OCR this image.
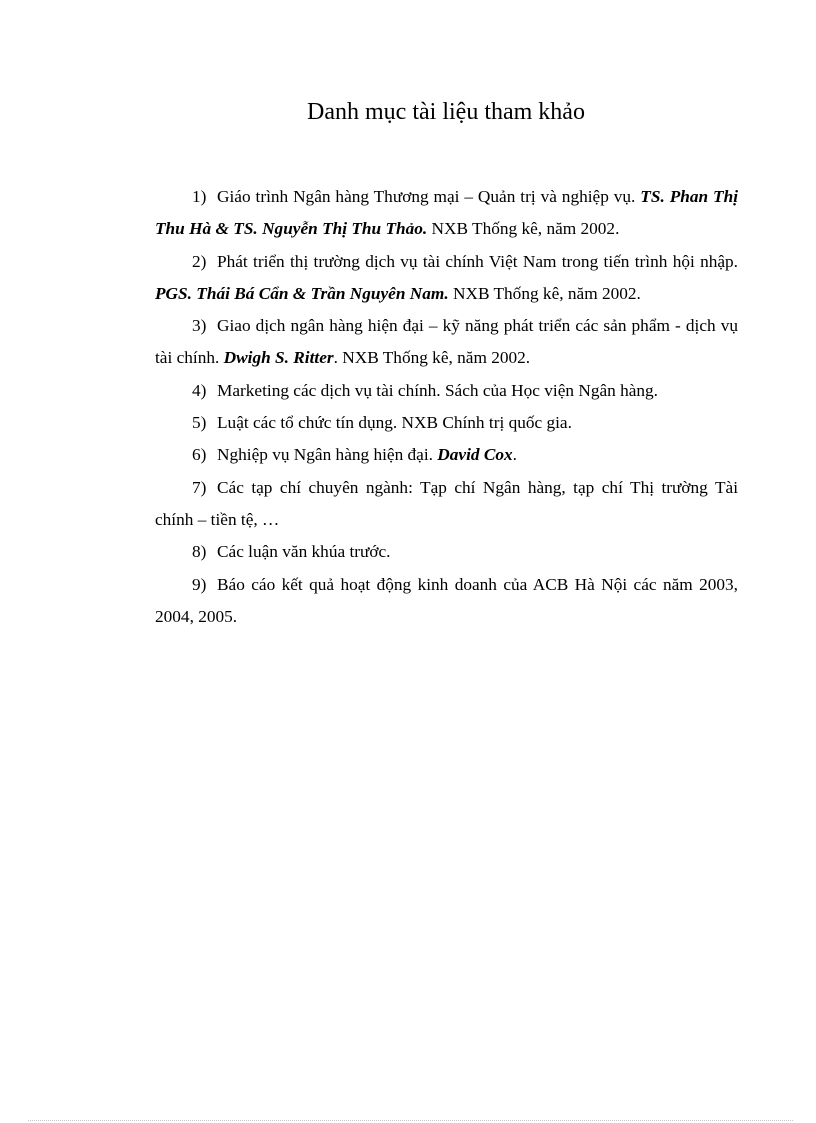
Danh mục tài liệu tham khảo

1) Giáo trình Ngân hàng Thương mại – Quản trị và nghiệp vụ. TS. Phan Thị Thu Hà & TS. Nguyễn Thị Thu Thảo. NXB Thống kê, năm 2002.

2) Phát triển thị trường dịch vụ tài chính Việt Nam trong tiến trình hội nhập. PGS. Thái Bá Cẩn & Trần Nguyên Nam. NXB Thống kê, năm 2002.

3) Giao dịch ngân hàng hiện đại – kỹ năng phát triển các sản phẩm - dịch vụ tài chính. Dwigh S. Ritter. NXB Thống kê, năm 2002.

4) Marketing các dịch vụ tài chính. Sách của Học viện Ngân hàng.

5) Luật các tổ chức tín dụng. NXB Chính trị quốc gia.

6) Nghiệp vụ Ngân hàng hiện đại. David Cox.

7) Các tạp chí chuyên ngành: Tạp chí Ngân hàng, tạp chí Thị trường Tài chính – tiền tệ, …

8) Các luận văn khúa trước.

9) Báo cáo kết quả hoạt động kinh doanh của ACB Hà Nội các năm 2003, 2004, 2005.
